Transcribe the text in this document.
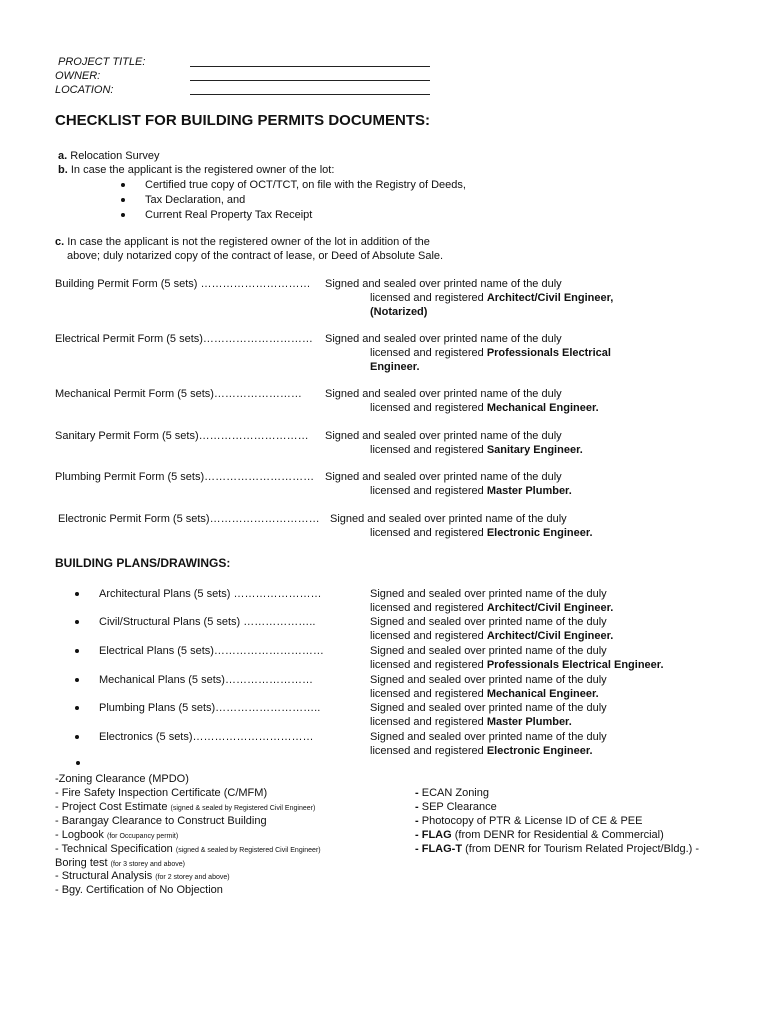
PROJECT TITLE:
OWNER:
LOCATION:
CHECKLIST FOR BUILDING PERMITS DOCUMENTS:
a. Relocation Survey
b. In case the applicant is the registered owner of the lot:
Certified true copy of OCT/TCT, on file with the Registry of Deeds,
Tax Declaration, and
Current Real Property Tax Receipt
c. In case the applicant is not the registered owner of the lot in addition of the
above; duly notarized copy of the contract of lease, or Deed of Absolute Sale.
Building Permit Form (5 sets) ………………………… Signed and sealed over printed name of the duly
licensed and registered Architect/Civil Engineer,
(Notarized)
Electrical Permit Form (5 sets)………………………… Signed and sealed over printed name of the duly
licensed and registered Professionals Electrical
Engineer.
Mechanical Permit Form (5 sets)…………………… Signed and sealed over printed name of the duly
licensed and registered Mechanical Engineer.
Sanitary Permit Form (5 sets)………………………… Signed and sealed over printed name of the duly
licensed and registered Sanitary Engineer.
Plumbing Permit Form (5 sets)………………………… Signed and sealed over printed name of the duly
licensed and registered Master Plumber.
Electronic Permit Form (5 sets)………………………… Signed and sealed over printed name of the duly
licensed and registered Electronic Engineer.
BUILDING PLANS/DRAWINGS:
Architectural Plans (5 sets) ……………………	Signed and sealed over printed name of the duly
licensed and registered Architect/Civil Engineer.
Civil/Structural Plans (5 sets) ………………..	Signed and sealed over printed name of the duly
licensed and registered Architect/Civil Engineer.
Electrical Plans (5 sets)…………………………	Signed and sealed over printed name of the duly
licensed and registered Professionals Electrical Engineer.
Mechanical Plans (5 sets)……………………	Signed and sealed over printed name of the duly
licensed and registered Mechanical Engineer.
Plumbing Plans (5 sets)………………………..	Signed and sealed over printed name of the duly
licensed and registered Master Plumber.
Electronics (5 sets)……………………………	Signed and sealed over printed name of the duly
licensed and registered Electronic Engineer.
-Zoning Clearance (MPDO)
- Fire Safety Inspection Certificate (C/MFM)
- Project Cost Estimate (signed & sealed by Registered Civil Engineer)
- Barangay Clearance to Construct Building
- Logbook (for Occupancy permit)
- Technical Specification (signed & sealed by Registered Civil Engineer)
Boring test (for 3 storey and above)
- Structural Analysis (for 2 storey and above)
- Bgy. Certification of No Objection
- ECAN Zoning
- SEP Clearance
- Photocopy of PTR & License ID of CE & PEE
- FLAG (from DENR for Residential & Commercial)
- FLAG-T (from DENR for Tourism Related Project/Bldg.) -
